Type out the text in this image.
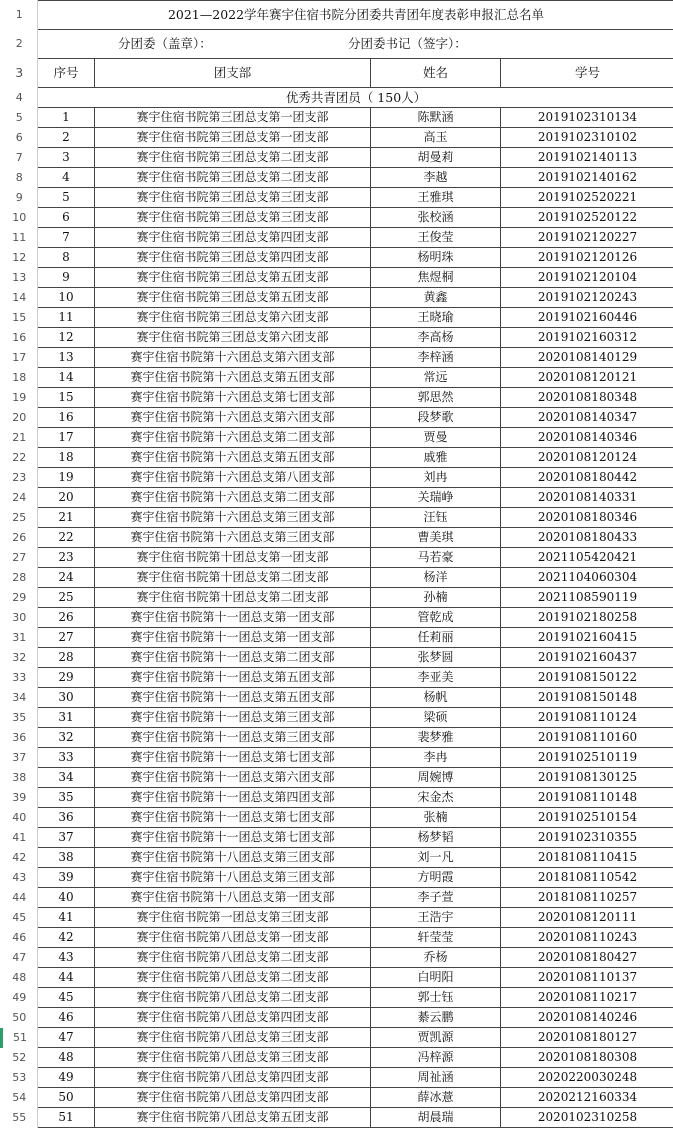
1	2021—2022学年赛宇住宿书院分团委共青团年度表彰申报汇总名单			
2	分团委（盖章）： 分团委书记（签字）：			
3	序号	团支部	姓名	学号
4	优秀共青团员（ 150人）			
5	1	赛宇住宿书院第三团总支第一团支部	陈默涵	2019102310134
6	2	赛宇住宿书院第三团总支第一团支部	高玉	2019102310102
7	3	赛宇住宿书院第三团总支第二团支部	胡曼莉	2019102140113
8	4	赛宇住宿书院第三团总支第二团支部	李越	2019102140162
9	5	赛宇住宿书院第三团总支第三团支部	王雅琪	2019102520221
10	6	赛宇住宿书院第三团总支第三团支部	张校涵	2019102520122
11	7	赛宇住宿书院第三团总支第四团支部	王俊莹	2019102120227
12	8	赛宇住宿书院第三团总支第四团支部	杨明珠	2019102120126
13	9	赛宇住宿书院第三团总支第五团支部	焦煜桐	2019102120104
14	10	赛宇住宿书院第三团总支第五团支部	黄鑫	2019102120243
15	11	赛宇住宿书院第三团总支第六团支部	王晓瑜	2019102160446
16	12	赛宇住宿书院第三团总支第六团支部	李高杨	2019102160312
17	13	赛宇住宿书院第十六团总支第六团支部	李梓涵	2020108140129
18	14	赛宇住宿书院第十六团总支第五团支部	常远	2020108120121
19	15	赛宇住宿书院第十六团总支第七团支部	郭思然	2020108180348
20	16	赛宇住宿书院第十六团总支第六团支部	段梦歌	2020108140347
21	17	赛宇住宿书院第十六团总支第二团支部	贾曼	2020108140346
22	18	赛宇住宿书院第十六团总支第五团支部	戚雅	2020108120124
23	19	赛宇住宿书院第十六团总支第八团支部	刘冉	2020108180442
24	20	赛宇住宿书院第十六团总支第二团支部	关瑞峥	2020108140331
25	21	赛宇住宿书院第十六团总支第三团支部	汪钰	2020108180346
26	22	赛宇住宿书院第十六团总支第三团支部	曹美琪	2020108180433
27	23	赛宇住宿书院第十团总支第一团支部	马若豪	2021105420421
28	24	赛宇住宿书院第十团总支第二团支部	杨洋	2021104060304
29	25	赛宇住宿书院第十团总支第二团支部	孙楠	2021108590119
30	26	赛宇住宿书院第十一团总支第一团支部	管乾成	2019102180258
31	27	赛宇住宿书院第十一团总支第一团支部	任莉丽	2019102160415
32	28	赛宇住宿书院第十一团总支第二团支部	张梦圆	2019102160437
33	29	赛宇住宿书院第十一团总支第五团支部	李亚美	2019108150122
34	30	赛宇住宿书院第十一团总支第五团支部	杨帆	2019108150148
35	31	赛宇住宿书院第十一团总支第三团支部	梁硕	2019108110124
36	32	赛宇住宿书院第十一团总支第三团支部	裴梦雅	2019108110160
37	33	赛宇住宿书院第十一团总支第七团支部	李冉	2019102510119
38	34	赛宇住宿书院第十一团总支第六团支部	周婉博	2019108130125
39	35	赛宇住宿书院第十一团总支第四团支部	宋金杰	2019108110148
40	36	赛宇住宿书院第十一团总支第七团支部	张楠	2019102510154
41	37	赛宇住宿书院第十一团总支第七团支部	杨梦韬	2019102310355
42	38	赛宇住宿书院第十八团总支第三团支部	刘一凡	2018108110415
43	39	赛宇住宿书院第十八团总支第三团支部	方明霞	2018108110542
44	40	赛宇住宿书院第十八团总支第一团支部	李子萱	2018108110257
45	41	赛宇住宿书院第一团总支第三团支部	王浩宇	2020108120111
46	42	赛宇住宿书院第八团总支第一团支部	轩莹莹	2020108110243
47	43	赛宇住宿书院第八团总支第二团支部	乔杨	2020108180427
48	44	赛宇住宿书院第八团总支第二团支部	白明阳	2020108110137
49	45	赛宇住宿书院第八团总支第二团支部	郭士钰	2020108110217
50	46	赛宇住宿书院第八团总支第四团支部	綦云鹏	2020108140246
51	47	赛宇住宿书院第八团总支第三团支部	贾凯源	2020108180127
52	48	赛宇住宿书院第八团总支第三团支部	冯梓源	2020108180308
53	49	赛宇住宿书院第八团总支第四团支部	周祉涵	2020220030248
54	50	赛宇住宿书院第八团总支第四团支部	薛冰薏	2020212160334
55	51	赛宇住宿书院第八团总支第五团支部	胡晨瑞	2020102310258
